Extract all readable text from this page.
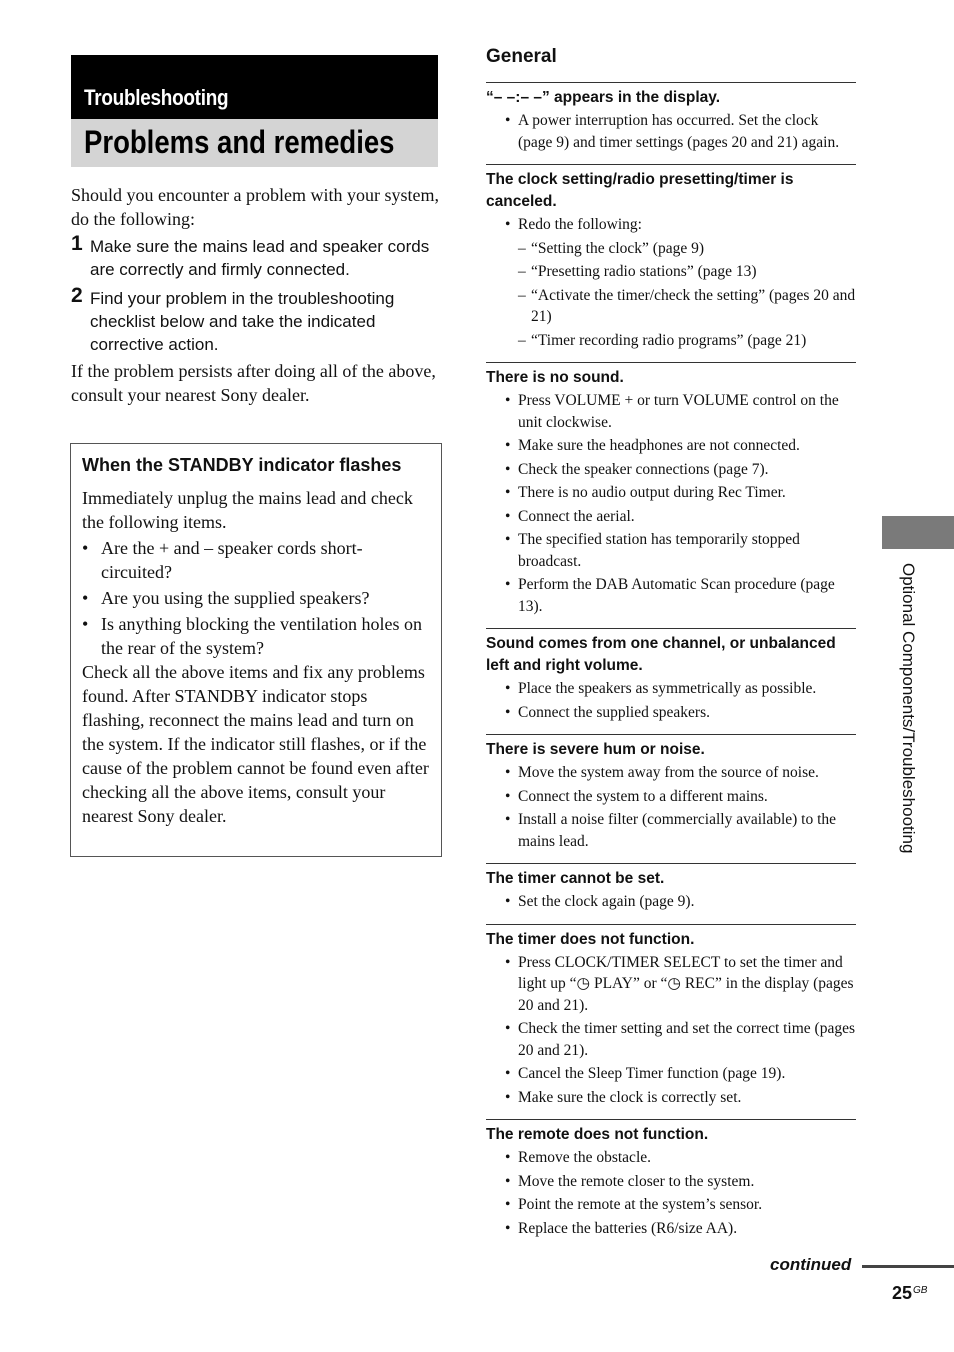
Troubleshooting
Problems and remedies

Should you encounter a problem with your system, do the following:

1 Make sure the mains lead and speaker cords are correctly and firmly connected.
2 Find your problem in the troubleshooting checklist below and take the indicated corrective action.

If the problem persists after doing all of the above, consult your nearest Sony dealer.

When the STANDBY indicator flashes

Immediately unplug the mains lead and check the following items.

• Are the + and – speaker cords short-circuited?
• Are you using the supplied speakers?
• Is anything blocking the ventilation holes on the rear of the system?

Check all the above items and fix any problems found. After STANDBY indicator stops flashing, reconnect the mains lead and turn on the system. If the indicator still flashes, or if the cause of the problem cannot be found even after checking all the above items, consult your nearest Sony dealer.

General
“– –:– –” appears in the display.
• A power interruption has occurred. Set the clock (page 9) and timer settings (pages 20 and 21) again.
The clock setting/radio presetting/timer is canceled.
• Redo the following:
– “Setting the clock” (page 9)
– “Presetting radio stations” (page 13)
– “Activate the timer/check the setting” (pages 20 and 21)
– “Timer recording radio programs” (page 21)
There is no sound.
• Press VOLUME + or turn VOLUME control on the unit clockwise.
• Make sure the headphones are not connected.
• Check the speaker connections (page 7).
• There is no audio output during Rec Timer.
• Connect the aerial.
• The specified station has temporarily stopped broadcast.
• Perform the DAB Automatic Scan procedure (page 13).
Sound comes from one channel, or unbalanced left and right volume.
• Place the speakers as symmetrically as possible.
• Connect the supplied speakers.
There is severe hum or noise.
• Move the system away from the source of noise.
• Connect the system to a different mains.
• Install a noise filter (commercially available) to the mains lead.
The timer cannot be set.
• Set the clock again (page 9).
The timer does not function.
• Press CLOCK/TIMER SELECT to set the timer and light up “◷ PLAY” or “◷ REC” in the display (pages 20 and 21).
• Check the timer setting and set the correct time (pages 20 and 21).
• Cancel the Sleep Timer function (page 19).
• Make sure the clock is correctly set.
The remote does not function.
• Remove the obstacle.
• Move the remote closer to the system.
• Point the remote at the system’s sensor.
• Replace the batteries (R6/size AA).
Optional Components/Troubleshooting
continued
25 GB
